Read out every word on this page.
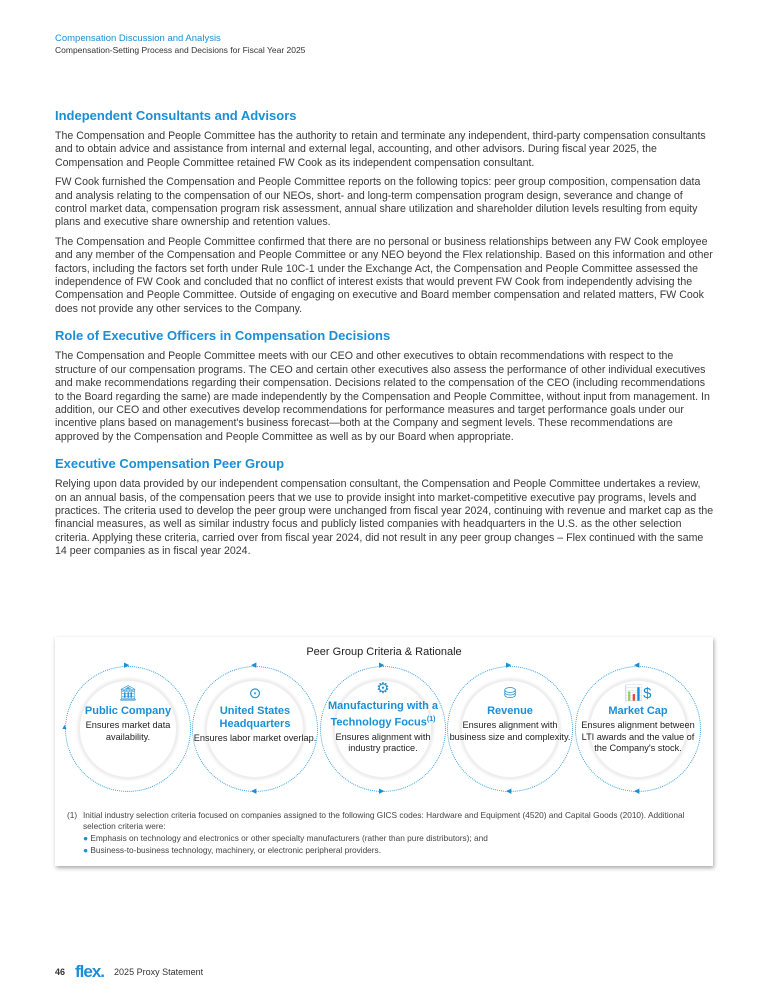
Compensation Discussion and Analysis
Compensation-Setting Process and Decisions for Fiscal Year 2025
Independent Consultants and Advisors

The Compensation and People Committee has the authority to retain and terminate any independent, third-party compensation consultants and to obtain advice and assistance from internal and external legal, accounting, and other advisors. During fiscal year 2025, the Compensation and People Committee retained FW Cook as its independent compensation consultant.

FW Cook furnished the Compensation and People Committee reports on the following topics: peer group composition, compensation data and analysis relating to the compensation of our NEOs, short- and long-term compensation program design, severance and change of control market data, compensation program risk assessment, annual share utilization and shareholder dilution levels resulting from equity plans and executive share ownership and retention values.

The Compensation and People Committee confirmed that there are no personal or business relationships between any FW Cook employee and any member of the Compensation and People Committee or any NEO beyond the Flex relationship. Based on this information and other factors, including the factors set forth under Rule 10C-1 under the Exchange Act, the Compensation and People Committee assessed the independence of FW Cook and concluded that no conflict of interest exists that would prevent FW Cook from independently advising the Compensation and People Committee. Outside of engaging on executive and Board member compensation and related matters, FW Cook does not provide any other services to the Company.

Role of Executive Officers in Compensation Decisions

The Compensation and People Committee meets with our CEO and other executives to obtain recommendations with respect to the structure of our compensation programs. The CEO and certain other executives also assess the performance of other individual executives and make recommendations regarding their compensation. Decisions related to the compensation of the CEO (including recommendations to the Board regarding the same) are made independently by the Compensation and People Committee, without input from management. In addition, our CEO and other executives develop recommendations for performance measures and target performance goals under our incentive plans based on management's business forecast—both at the Company and segment levels. These recommendations are approved by the Compensation and People Committee as well as by our Board when appropriate.

Executive Compensation Peer Group

Relying upon data provided by our independent compensation consultant, the Compensation and People Committee undertakes a review, on an annual basis, of the compensation peers that we use to provide insight into market-competitive executive pay programs, levels and practices. The criteria used to develop the peer group were unchanged from fiscal year 2024, continuing with revenue and market cap as the financial measures, as well as similar industry focus and publicly listed companies with headquarters in the U.S. as the other selection criteria. Applying these criteria, carried over from fiscal year 2024, did not result in any peer group changes – Flex continued with the same 14 peer companies as in fiscal year 2024.

Peer Group Criteria & Rationale
▶
▲
🏛
Public Company
Ensures market data availability.
◀
◀
⊙
United States Headquarters
Ensures labor market overlap.
▶
▶
⚙
Manufacturing with a Technology Focus$^{(1)}$
Ensures alignment with industry practice.
▶
◀
⛁
Revenue
Ensures alignment with business size and complexity.
◀
◀
📊$
Market Cap
Ensures alignment between LTI awards and the value of the Company's stock.
(1) Initial industry selection criteria focused on companies assigned to the following GICS codes: Hardware and Equipment (4520) and Capital Goods (2010). Additional selection criteria were:
● Emphasis on technology and electronics or other specialty manufacturers (rather than pure distributors); and
● Business-to-business technology, machinery, or electronic peripheral providers.
46 flex. 2025 Proxy Statement
